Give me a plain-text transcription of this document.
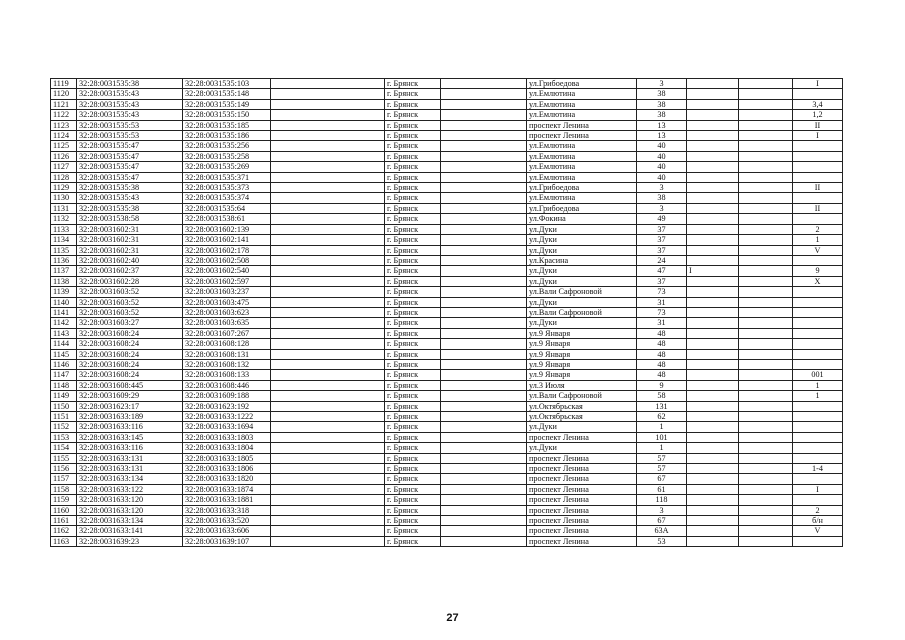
1119	32:28:0031535:38	32:28:0031535:103		г. Брянск		ул.Грибоедова	3			I
1120	32:28:0031535:43	32:28:0031535:148		г. Брянск		ул.Емлютина	38			
1121	32:28:0031535:43	32:28:0031535:149		г. Брянск		ул.Емлютина	38			3,4
1122	32:28:0031535:43	32:28:0031535:150		г. Брянск		ул.Емлютина	38			1,2
1123	32:28:0031535:53	32:28:0031535:185		г. Брянск		проспект Ленина	13			II
1124	32:28:0031535:53	32:28:0031535:186		г. Брянск		проспект Ленина	13			I
1125	32:28:0031535:47	32:28:0031535:256		г. Брянск		ул.Емлютина	40			
1126	32:28:0031535:47	32:28:0031535:258		г. Брянск		ул.Емлютина	40			
1127	32:28:0031535:47	32:28:0031535:269		г. Брянск		ул.Емлютина	40			
1128	32:28:0031535:47	32:28:0031535:371		г. Брянск		ул.Емлютина	40			
1129	32:28:0031535:38	32:28:0031535:373		г. Брянск		ул.Грибоедова	3			II
1130	32:28:0031535:43	32:28:0031535:374		г. Брянск		ул.Емлютина	38			
1131	32:28:0031535:38	32:28:0031535:64		г. Брянск		ул.Грибоедова	3			II
1132	32:28:0031538:58	32:28:0031538:61		г. Брянск		ул.Фокина	49			
1133	32:28:0031602:31	32:28:0031602:139		г. Брянск		ул.Дуки	37			2
1134	32:28:0031602:31	32:28:0031602:141		г. Брянск		ул.Дуки	37			1
1135	32:28:0031602:31	32:28:0031602:178		г. Брянск		ул.Дуки	37			V
1136	32:28:0031602:40	32:28:0031602:508		г. Брянск		ул.Красина	24			
1137	32:28:0031602:37	32:28:0031602:540		г. Брянск		ул.Дуки	47	I		9
1138	32:28:0031602:28	32:28:0031602:597		г. Брянск		ул.Дуки	37			X
1139	32:28:0031603:52	32:28:0031603:237		г. Брянск		ул.Вали Сафроновой	73			
1140	32:28:0031603:52	32:28:0031603:475		г. Брянск		ул.Дуки	31			
1141	32:28:0031603:52	32:28:0031603:623		г. Брянск		ул.Вали Сафроновой	73			
1142	32:28:0031603:27	32:28:0031603:635		г. Брянск		ул.Дуки	31			
1143	32:28:0031608:24	32:28:0031607:267		г. Брянск		ул.9 Января	48			
1144	32:28:0031608:24	32:28:0031608:128		г. Брянск		ул.9 Января	48			
1145	32:28:0031608:24	32:28:0031608:131		г. Брянск		ул.9 Января	48			
1146	32:28:0031608:24	32:28:0031608:132		г. Брянск		ул.9 Января	48			
1147	32:28:0031608:24	32:28:0031608:133		г. Брянск		ул.9 Января	48			001
1148	32:28:0031608:445	32:28:0031608:446		г. Брянск		ул.3 Июля	9			1
1149	32:28:0031609:29	32:28:0031609:188		г. Брянск		ул.Вали Сафроновой	58			1
1150	32:28:0031623:17	32:28:0031623:192		г. Брянск		ул.Октябрьская	131			
1151	32:28:0031633:189	32:28:0031633:1222		г. Брянск		ул.Октябрьская	62			
1152	32:28:0031633:116	32:28:0031633:1694		г. Брянск		ул.Дуки	1			
1153	32:28:0031633:145	32:28:0031633:1803		г. Брянск		проспект Ленина	101			
1154	32:28:0031633:116	32:28:0031633:1804		г. Брянск		ул.Дуки	1			
1155	32:28:0031633:131	32:28:0031633:1805		г. Брянск		проспект Ленина	57			
1156	32:28:0031633:131	32:28:0031633:1806		г. Брянск		проспект Ленина	57			1-4
1157	32:28:0031633:134	32:28:0031633:1820		г. Брянск		проспект Ленина	67			
1158	32:28:0031633:122	32:28:0031633:1874		г. Брянск		проспект Ленина	61			I
1159	32:28:0031633:120	32:28:0031633:1881		г. Брянск		проспект Ленина	118			
1160	32:28:0031633:120	32:28:0031633:318		г. Брянск		проспект Ленина	3			2
1161	32:28:0031633:134	32:28:0031633:520		г. Брянск		проспект Ленина	67			б/н
1162	32:28:0031633:141	32:28:0031633:606		г. Брянск		проспект Ленина	63А			V
1163	32:28:0031639:23	32:28:0031639:107		г. Брянск		проспект Ленина	53			
27
